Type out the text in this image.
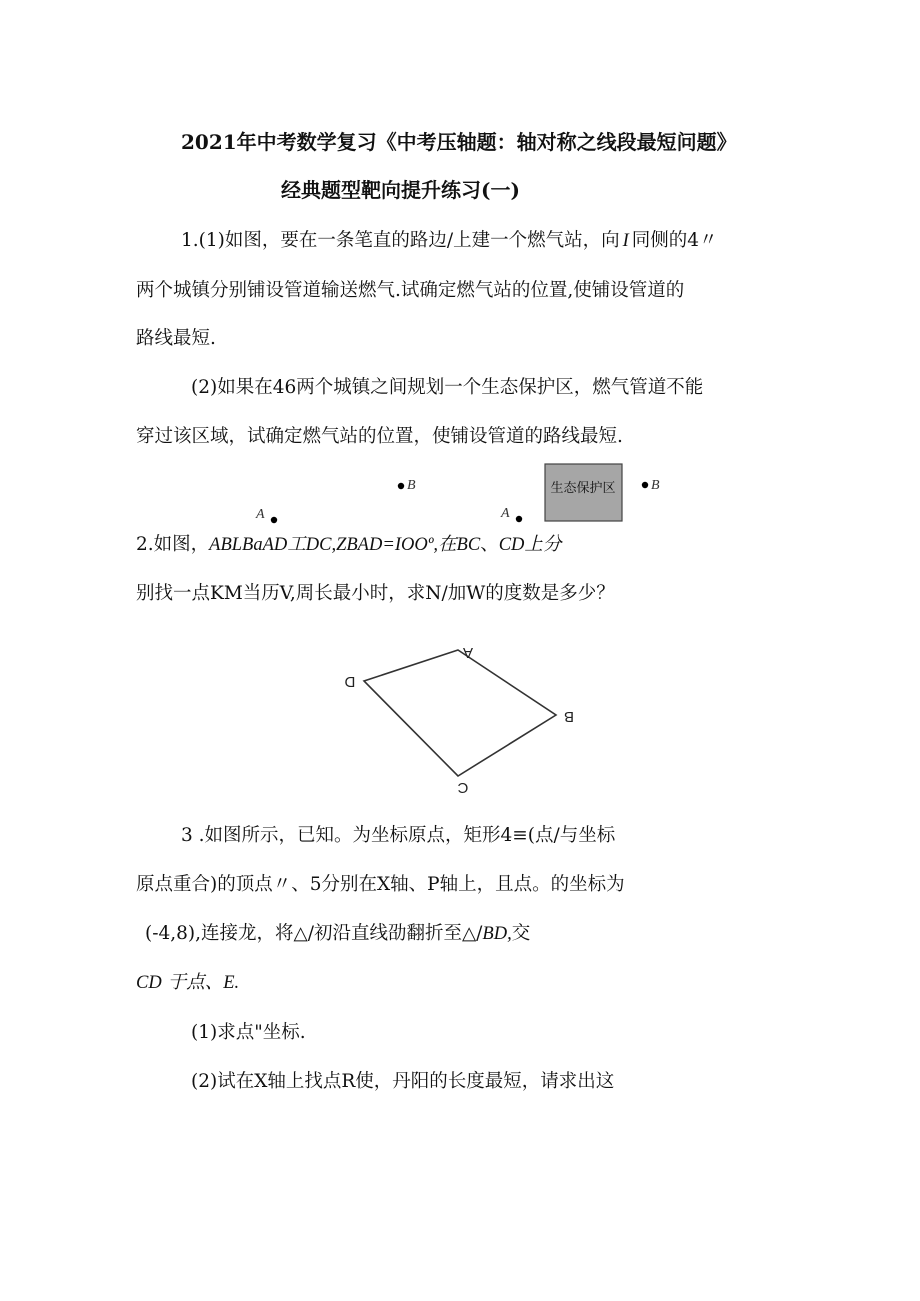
2021年中考数学复习《中考压轴题：轴对称之线段最短问题》
经典题型靶向提升练习(一)
1.(1)如图，要在一条笔直的路边/上建一个燃气站，向 I 同侧的4〃
两个城镇分别铺设管道输送燃气.试确定燃气站的位置,使铺设管道的
路线最短.
(2)如果在46两个城镇之间规划一个生态保护区，燃气管道不能
穿过该区域，试确定燃气站的位置，使铺设管道的路线最短.
B
A	A
生态保护区	B
2.如图，ABLBaAD工DC,ZBAD=IOOº,在BC、CD上分
别找一点KM当历V,周长最小时，求N/加W的度数是多少？
A
B
C
D
3 .如图所示，已知。为坐标原点，矩形4≡(点/与坐标
原点重合)的顶点〃、5分别在X轴、P轴上，且点。的坐标为
(-4,8),连接龙，将△/初沿直线劭翻折至△/BD,交
CD 于点、E.
(1)求点"坐标.
(2)试在X轴上找点R使，丹阳的长度最短，请求出这
